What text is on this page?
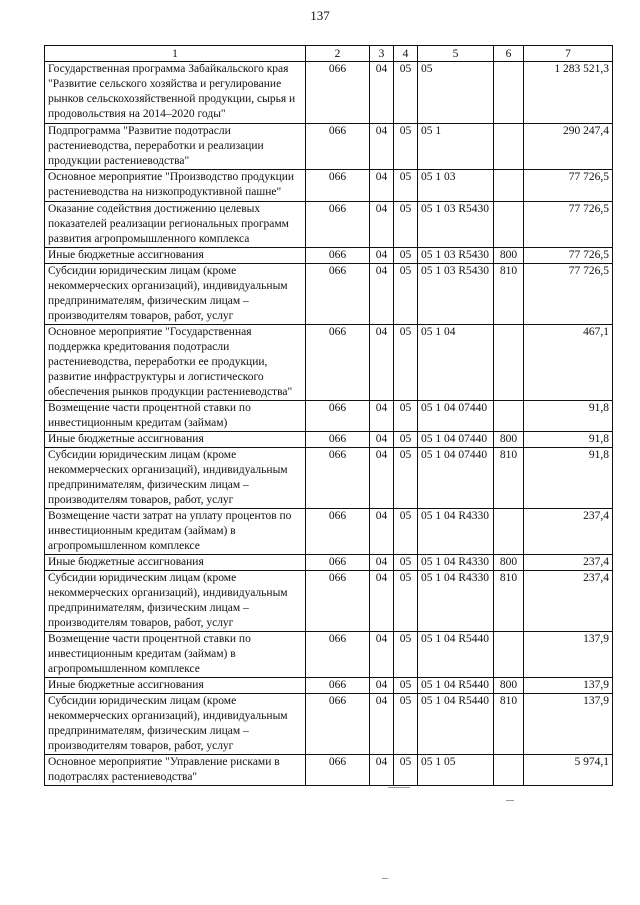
137
1	2	3	4	5	6	7
Государственная программа Забайкальского края "Развитие сельского хозяйства и регулирование рынков сельскохозяйственной продукции, сырья и продовольствия на 2014–2020 годы"	066	04	05	05		1 283 521,3
Подпрограмма "Развитие подотрасли растениеводства, переработки и реализации продукции растениеводства"	066	04	05	05 1		290 247,4
Основное мероприятие "Производство продукции растениеводства на низкопродуктивной пашне"	066	04	05	05 1 03		77 726,5
Оказание содействия достижению целевых показателей реализации региональных программ развития агропромышленного комплекса	066	04	05	05 1 03 R5430		77 726,5
Иные бюджетные ассигнования	066	04	05	05 1 03 R5430	800	77 726,5
Субсидии юридическим лицам (кроме некоммерческих организаций), индивидуальным предпринимателям, физическим лицам – производителям товаров, работ, услуг	066	04	05	05 1 03 R5430	810	77 726,5
Основное мероприятие "Государственная поддержка кредитования подотрасли растениеводства, переработки ее продукции, развитие инфраструктуры и логистического обеспечения рынков продукции растениеводства"	066	04	05	05 1 04		467,1
Возмещение части процентной ставки по инвестиционным кредитам (займам)	066	04	05	05 1 04 07440		91,8
Иные бюджетные ассигнования	066	04	05	05 1 04 07440	800	91,8
Субсидии юридическим лицам (кроме некоммерческих организаций), индивидуальным предпринимателям, физическим лицам – производителям товаров, работ, услуг	066	04	05	05 1 04 07440	810	91,8
Возмещение части затрат на уплату процентов по инвестиционным кредитам (займам) в агропромышленном комплексе	066	04	05	05 1 04 R4330		237,4
Иные бюджетные ассигнования	066	04	05	05 1 04 R4330	800	237,4
Субсидии юридическим лицам (кроме некоммерческих организаций), индивидуальным предпринимателям, физическим лицам – производителям товаров, работ, услуг	066	04	05	05 1 04 R4330	810	237,4
Возмещение части процентной ставки по инвестиционным кредитам (займам) в агропромышленном комплексе	066	04	05	05 1 04 R5440		137,9
Иные бюджетные ассигнования	066	04	05	05 1 04 R5440	800	137,9
Субсидии юридическим лицам (кроме некоммерческих организаций), индивидуальным предпринимателям, физическим лицам – производителям товаров, работ, услуг	066	04	05	05 1 04 R5440	810	137,9
Основное мероприятие "Управление рисками в подотраслях растениеводства"	066	04	05	05 1 05		5 974,1
